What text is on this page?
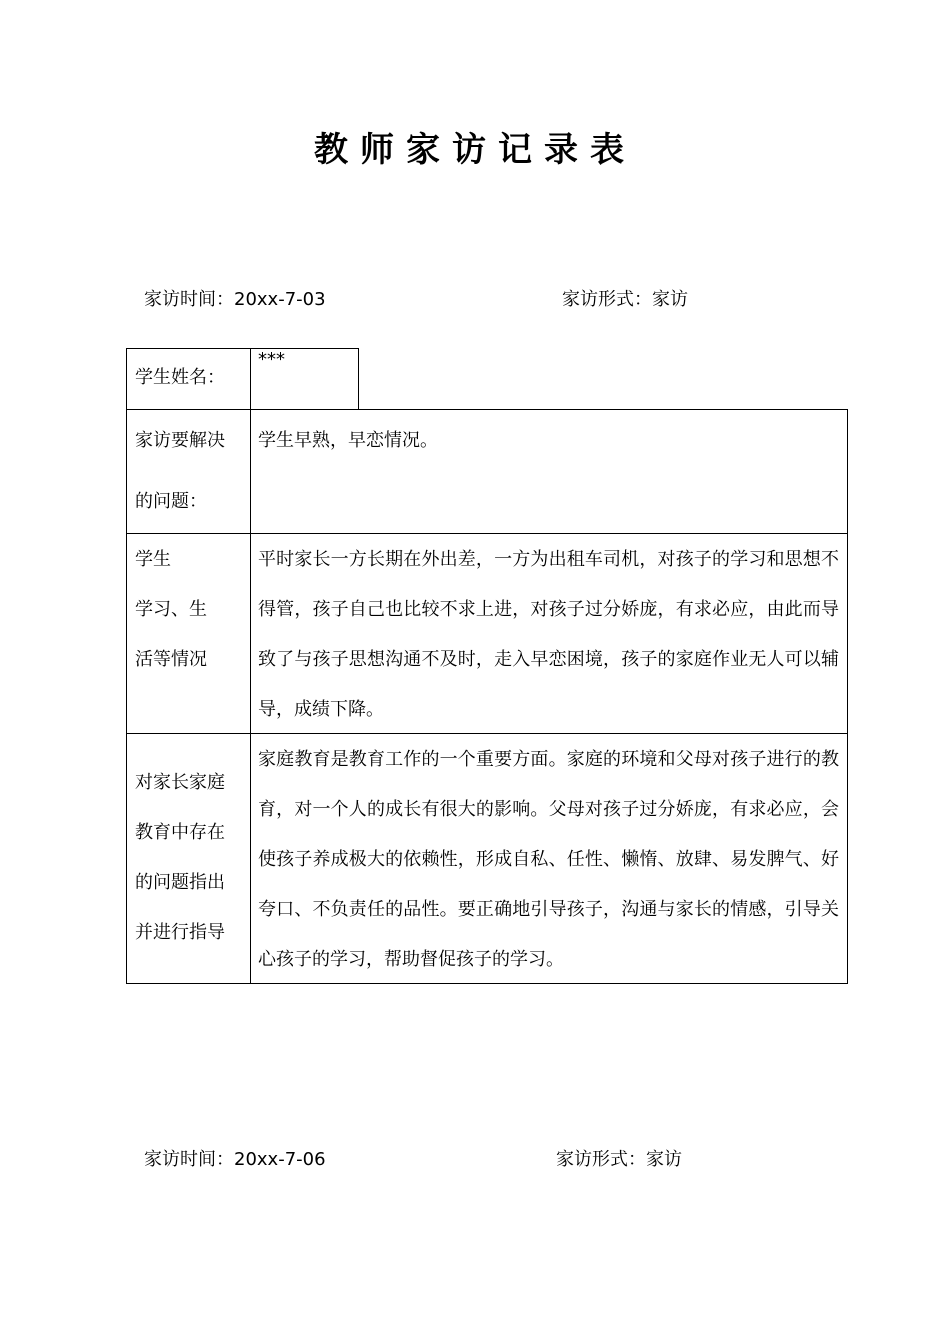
教师家访记录表
家访时间：20xx-7-03	家访形式：家访

学生姓名：

***

家访要解决

的问题：

学生早熟，早恋情况。

学生

学习、生

活等情况

平时家长一方长期在外出差，一方为出租车司机，对孩子的学习和思想不得管，孩子自己也比较不求上进，对孩子过分娇庞，有求必应，由此而导致了与孩子思想沟通不及时，走入早恋困境，孩子的家庭作业无人可以辅导，成绩下降。

对家长家庭

教育中存在

的问题指出

并进行指导

家庭教育是教育工作的一个重要方面。家庭的环境和父母对孩子进行的教育，对一个人的成长有很大的影响。父母对孩子过分娇庞，有求必应，会使孩子养成极大的依赖性，形成自私、任性、懒惰、放肆、易发脾气、好夸口、不负责任的品性。要正确地引导孩子，沟通与家长的情感，引导关心孩子的学习，帮助督促孩子的学习。

家访时间：20xx-7-06	家访形式：家访
